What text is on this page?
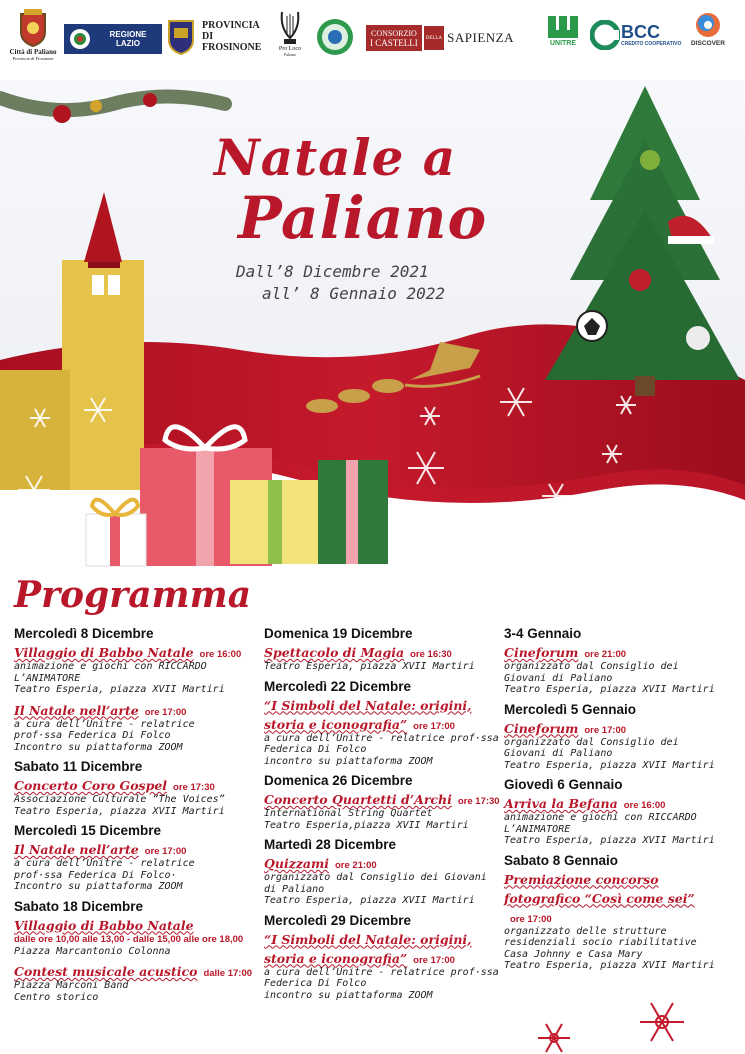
Città di Paliano
Provincia di Frosinone
REGIONE LAZIO
PROVINCIA DI FROSINONE	Pro Loco
Paliano
CONSORZIO
I CASTELLI DELLA SAPIENZA	UNITRE
BCC
CREDITO COOPERATIVO DISCOVER
Natale a
Paliano
Dall’8 Dicembre 2021
all’ 8 Gennaio 2022
Programma
Mercoledì 8 Dicembre
Villaggio di Babbo Natale ore 16:00
animazione e giochi con RICCARDO
L’ANIMATORE
Teatro Esperia, piazza XVII Martiri
Il Natale nell’arte ore 17:00
a cura dell’Unitre - relatrice
prof·ssa Federica Di Folco
Incontro su piattaforma ZOOM
Sabato 11 Dicembre
Concerto Coro Gospel ore 17:30
Associazione Culturale “The Voices”
Teatro Esperia, piazza XVII Martiri
Mercoledì 15 Dicembre
Il Natale nell’arte ore 17:00
a cura dell’Unitre - relatrice
prof·ssa Federica Di Folco·
Incontro su piattaforma ZOOM
Sabato 18 Dicembre
Villaggio di Babbo Natale
dalle ore 10,00 alle 13,00 - dalle 15,00 alle ore 18,00
Piazza Marcantonio Colonna
Contest musicale acustico dalle 17:00
Piazza Marconi Band
Centro storico
Domenica 19 Dicembre
Spettacolo di Magia ore 16:30
Teatro Esperia, piazza XVII Martiri
Mercoledì 22 Dicembre
“I Simboli del Natale: origini, storia e iconografia” ore 17:00
a cura dell’Unitre - relatrice prof·ssa
Federica Di Folco
incontro su piattaforma ZOOM
Domenica 26 Dicembre
Concerto Quartetti d’Archi ore 17:30
International String Quartet
Teatro Esperia,piazza XVII Martiri
Martedì 28 Dicembre
Quizzami ore 21:00
organizzato dal Consiglio dei Giovani
di Paliano
Teatro Esperia, piazza XVII Martiri
Mercoledì 29 Dicembre
“I Simboli del Natale: origini, storia e iconografia” ore 17:00
a cura dell’Unitre - relatrice prof·ssa
Federica Di Folco
incontro su piattaforma ZOOM
3-4 Gennaio
Cineforum ore 21:00
organizzato dal Consiglio dei
Giovani di Paliano
Teatro Esperia, piazza XVII Martiri
Mercoledì 5 Gennaio
Cineforum ore 17:00
organizzato dal Consiglio dei
Giovani di Paliano
Teatro Esperia, piazza XVII Martiri
Giovedì 6 Gennaio
Arriva la Befana ore 16:00
animazione e giochi con RICCARDO
L’ANIMATORE
Teatro Esperia, piazza XVII Martiri
Sabato 8 Gennaio
Premiazione concorso fotografico “Così come sei”ore 17:00
organizzato delle strutture
residenziali socio riabilitative
Casa Johnny e Casa Mary
Teatro Esperia, piazza XVII Martiri
